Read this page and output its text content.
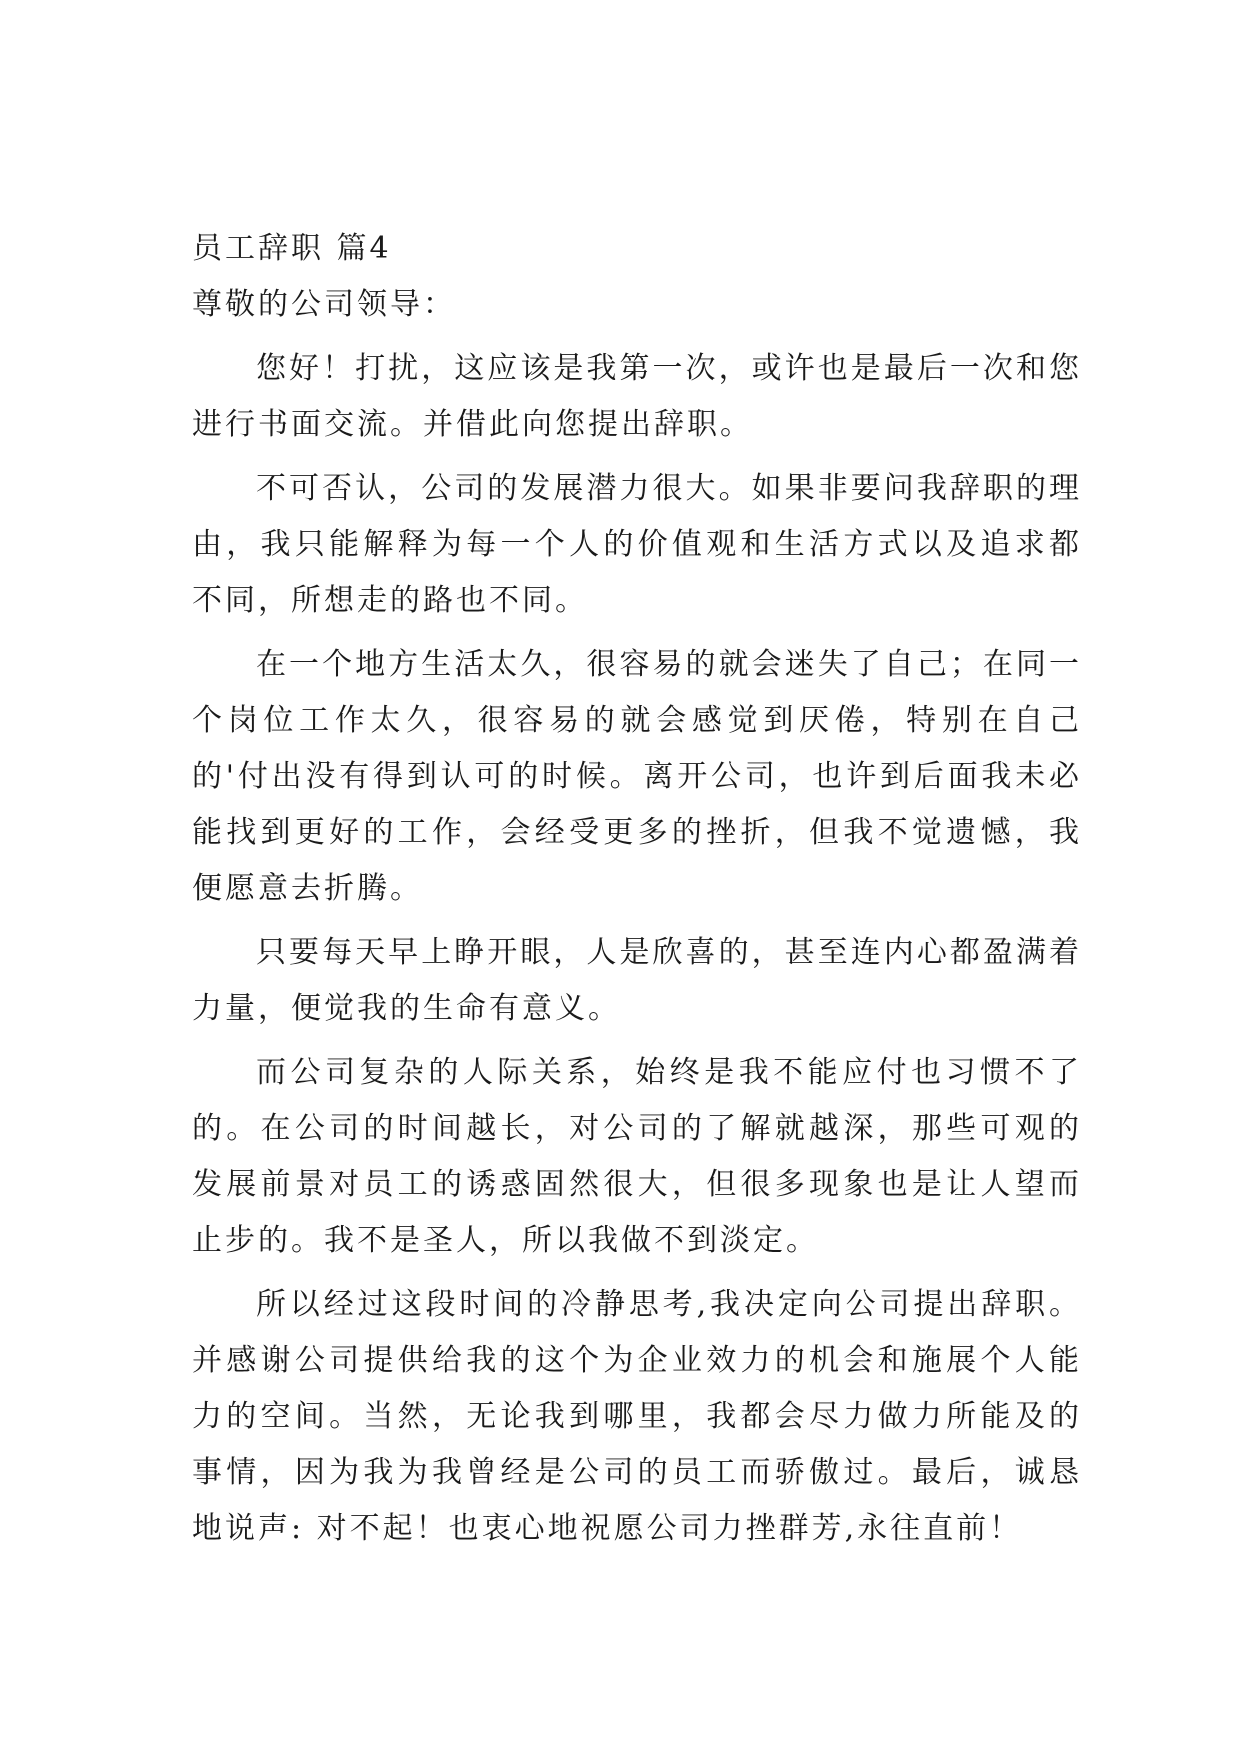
员工辞职 篇4

尊敬的公司领导：

您好！打扰，这应该是我第一次，或许也是最后一次和您进行书面交流。并借此向您提出辞职。

不可否认，公司的发展潜力很大。如果非要问我辞职的理由，我只能解释为每一个人的价值观和生活方式以及追求都不同，所想走的路也不同。

在一个地方生活太久，很容易的就会迷失了自己；在同一个岗位工作太久，很容易的就会感觉到厌倦，特别在自己的'付出没有得到认可的时候。离开公司，也许到后面我未必能找到更好的工作，会经受更多的挫折，但我不觉遗憾，我便愿意去折腾。

只要每天早上睁开眼，人是欣喜的，甚至连内心都盈满着力量，便觉我的生命有意义。

而公司复杂的人际关系，始终是我不能应付也习惯不了的。在公司的时间越长，对公司的了解就越深，那些可观的发展前景对员工的诱惑固然很大，但很多现象也是让人望而止步的。我不是圣人，所以我做不到淡定。

所以经过这段时间的冷静思考,我决定向公司提出辞职。并感谢公司提供给我的这个为企业效力的机会和施展个人能力的空间。当然，无论我到哪里，我都会尽力做力所能及的事情，因为我为我曾经是公司的员工而骄傲过。最后，诚恳地说声: 对不起！也衷心地祝愿公司力挫群芳,永往直前！
